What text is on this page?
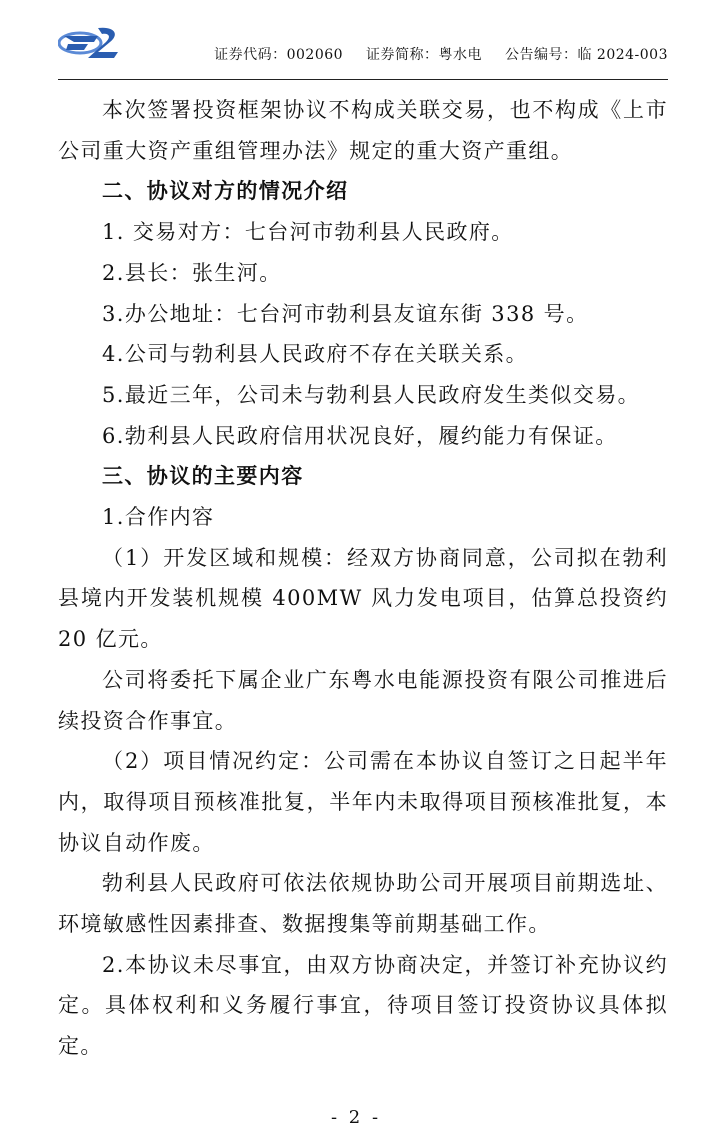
证券代码：002060 证券简称：粤水电 公告编号：临 2024-003

本次签署投资框架协议不构成关联交易，也不构成《上市公司重大资产重组管理办法》规定的重大资产重组。

二、协议对方的情况介绍

1. 交易对方：七台河市勃利县人民政府。

2.县长：张生河。

3.办公地址：七台河市勃利县友谊东街 338 号。

4.公司与勃利县人民政府不存在关联关系。

5.最近三年，公司未与勃利县人民政府发生类似交易。

6.勃利县人民政府信用状况良好，履约能力有保证。

三、协议的主要内容

1.合作内容

（1）开发区域和规模：经双方协商同意，公司拟在勃利县境内开发装机规模 400MW 风力发电项目，估算总投资约 20 亿元。

公司将委托下属企业广东粤水电能源投资有限公司推进后续投资合作事宜。

（2）项目情况约定：公司需在本协议自签订之日起半年内，取得项目预核准批复，半年内未取得项目预核准批复，本协议自动作废。

勃利县人民政府可依法依规协助公司开展项目前期选址、环境敏感性因素排查、数据搜集等前期基础工作。

2.本协议未尽事宜，由双方协商决定，并签订补充协议约定。具体权利和义务履行事宜，待项目签订投资协议具体拟定。

- 2 -
